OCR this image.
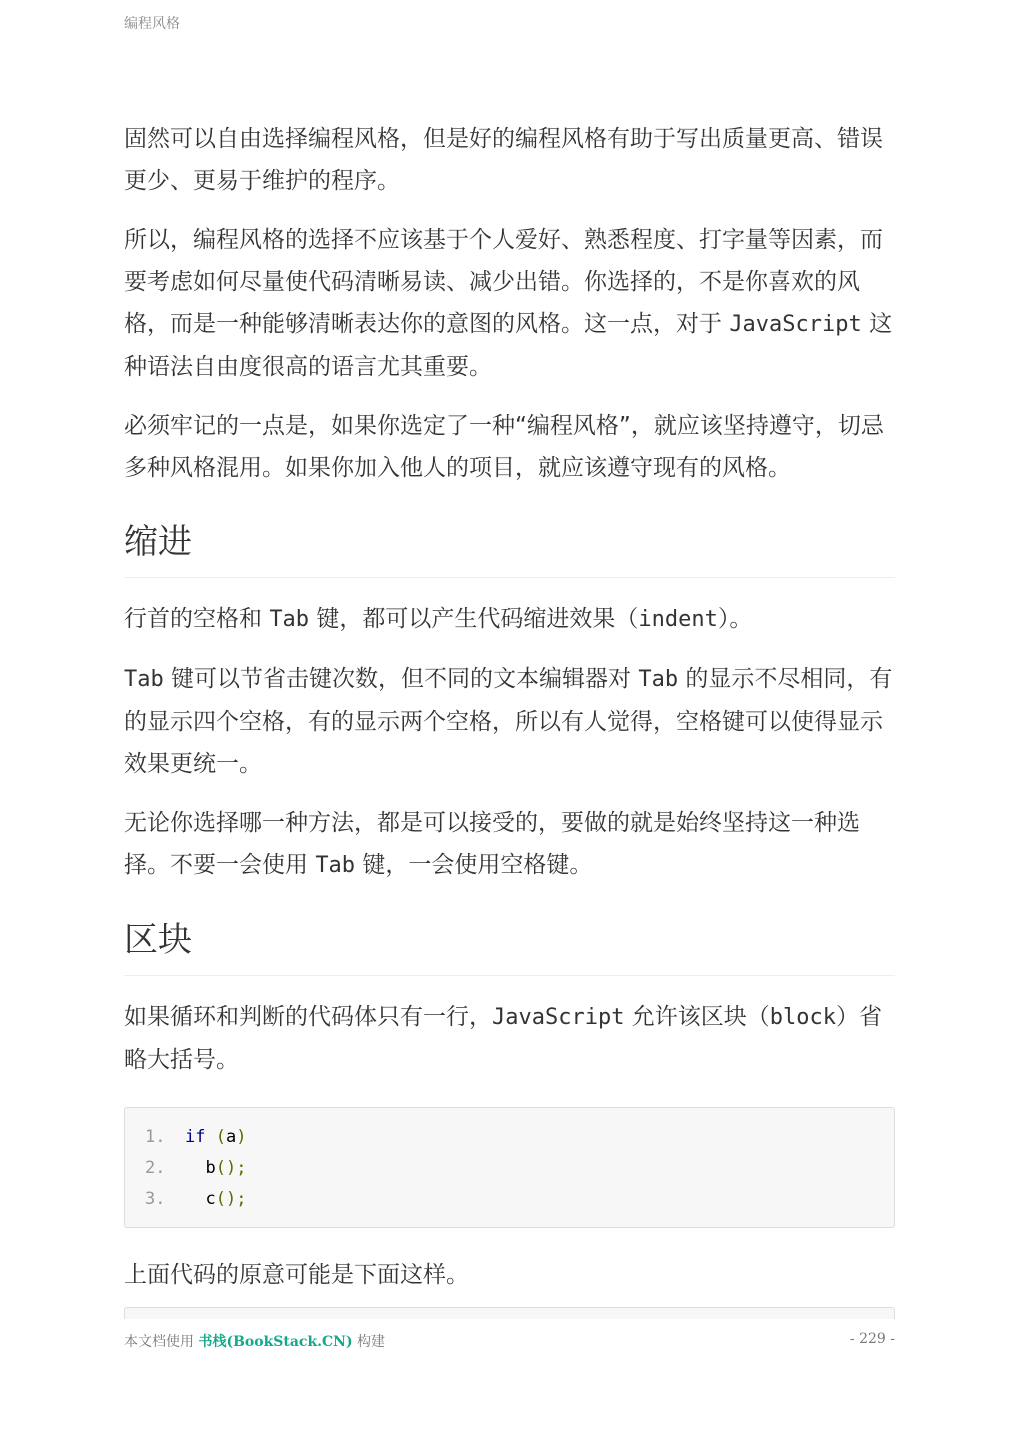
编程风格

固然可以自由选择编程风格，但是好的编程风格有助于写出质量更高、错误更少、更易于维护的程序。

所以，编程风格的选择不应该基于个人爱好、熟悉程度、打字量等因素，而要考虑如何尽量使代码清晰易读、减少出错。你选择的，不是你喜欢的风格，而是一种能够清晰表达你的意图的风格。这一点，对于 JavaScript 这种语法自由度很高的语言尤其重要。

必须牢记的一点是，如果你选定了一种“编程风格”，就应该坚持遵守，切忌多种风格混用。如果你加入他人的项目，就应该遵守现有的风格。

缩进

行首的空格和 Tab 键，都可以产生代码缩进效果（indent）。

Tab 键可以节省击键次数，但不同的文本编辑器对 Tab 的显示不尽相同，有的显示四个空格，有的显示两个空格，所以有人觉得，空格键可以使得显示效果更统一。

无论你选择哪一种方法，都是可以接受的，要做的就是始终坚持这一种选择。不要一会使用 Tab 键，一会使用空格键。

区块

如果循环和判断的代码体只有一行，JavaScript 允许该区块（block）省略大括号。

1. if (a)
2. b();
3. c();

上面代码的原意可能是下面这样。

本文档使用 书栈(BookStack.CN) 构建	- 229 -
